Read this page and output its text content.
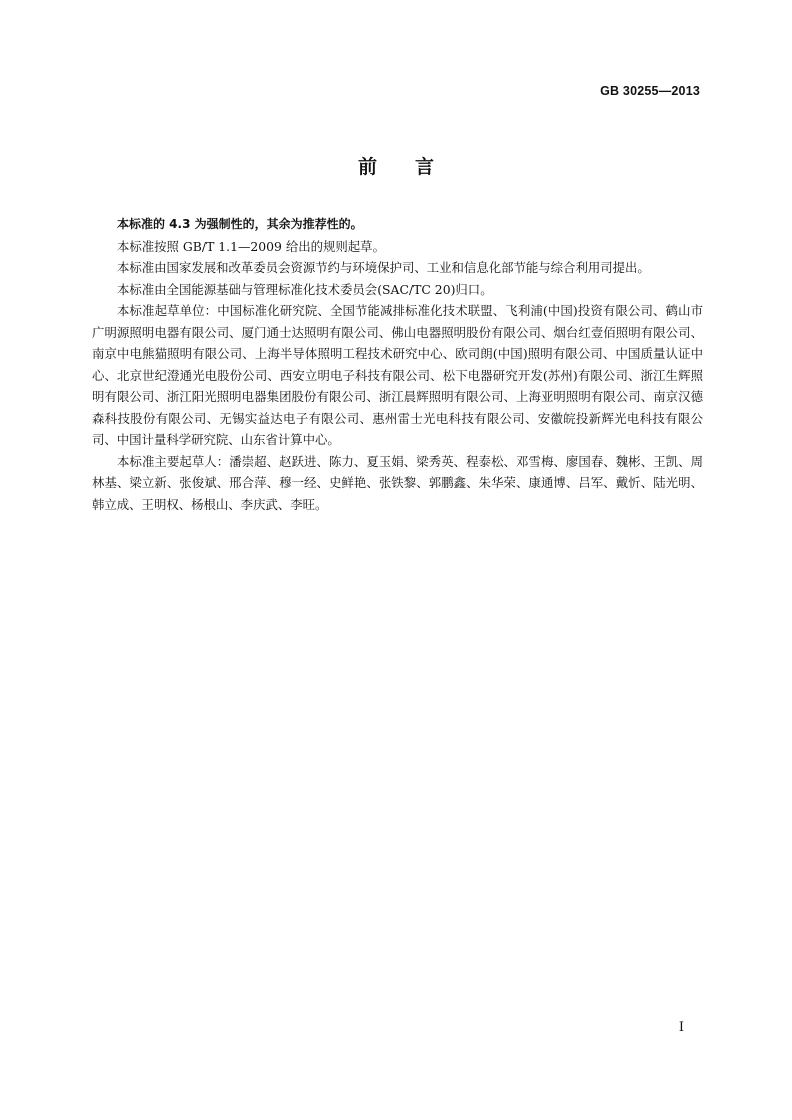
GB 30255—2013
前言

本标准的 4.3 为强制性的，其余为推荐性的。

本标准按照 GB/T 1.1—2009 给出的规则起草。

本标准由国家发展和改革委员会资源节约与环境保护司、工业和信息化部节能与综合利用司提出。

本标准由全国能源基础与管理标准化技术委员会(SAC/TC 20)归口。

本标准起草单位：中国标准化研究院、全国节能减排标准化技术联盟、飞利浦(中国)投资有限公司、鹤山市广明源照明电器有限公司、厦门通士达照明有限公司、佛山电器照明股份有限公司、烟台红壹佰照明有限公司、南京中电熊猫照明有限公司、上海半导体照明工程技术研究中心、欧司朗(中国)照明有限公司、中国质量认证中心、北京世纪澄通光电股份公司、西安立明电子科技有限公司、松下电器研究开发(苏州)有限公司、浙江生辉照明有限公司、浙江阳光照明电器集团股份有限公司、浙江晨辉照明有限公司、上海亚明照明有限公司、南京汉德森科技股份有限公司、无锡实益达电子有限公司、惠州雷士光电科技有限公司、安徽皖投新辉光电科技有限公司、中国计量科学研究院、山东省计算中心。

本标准主要起草人：潘崇超、赵跃进、陈力、夏玉娟、梁秀英、程泰松、邓雪梅、廖国春、魏彬、王凯、周林基、梁立新、张俊斌、邢合萍、穆一经、史鲜艳、张铁黎、郭鹏鑫、朱华荣、康通博、吕军、戴忻、陆光明、韩立成、王明权、杨根山、李庆武、李旺。

I
